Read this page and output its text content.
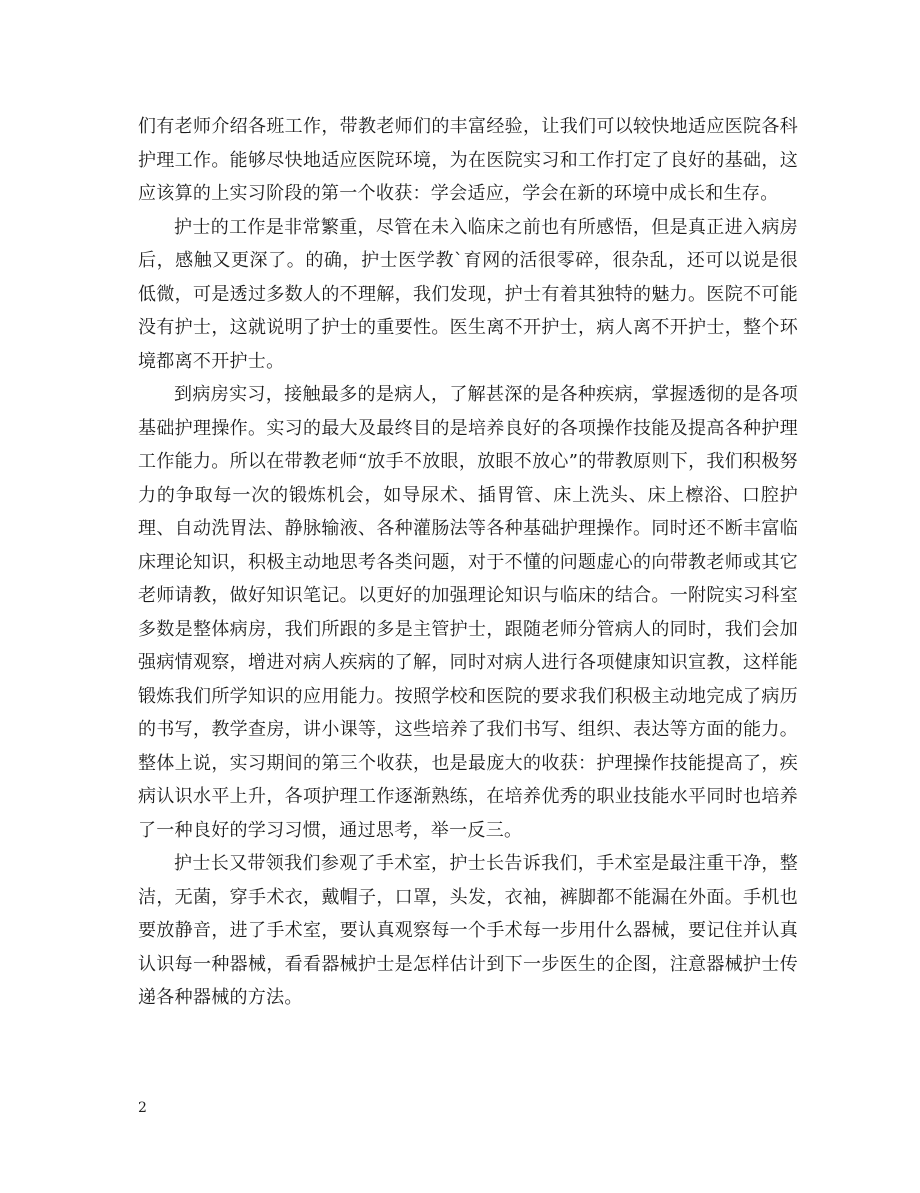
们有老师介绍各班工作，带教老师们的丰富经验，让我们可以较快地适应医院各科护理工作。能够尽快地适应医院环境，为在医院实习和工作打定了良好的基础，这应该算的上实习阶段的第一个收获：学会适应，学会在新的环境中成长和生存。

护士的工作是非常繁重，尽管在未入临床之前也有所感悟，但是真正进入病房后，感触又更深了。的确，护士医学教`育网的活很零碎，很杂乱，还可以说是很低微，可是透过多数人的不理解，我们发现，护士有着其独特的魅力。医院不可能没有护士，这就说明了护士的重要性。医生离不开护士，病人离不开护士，整个环境都离不开护士。

到病房实习，接触最多的是病人，了解甚深的是各种疾病，掌握透彻的是各项基础护理操作。实习的最大及最终目的是培养良好的各项操作技能及提高各种护理工作能力。所以在带教老师“放手不放眼，放眼不放心”的带教原则下，我们积极努力的争取每一次的锻炼机会，如导尿术、插胃管、床上洗头、床上檫浴、口腔护理、自动洗胃法、静脉输液、各种灌肠法等各种基础护理操作。同时还不断丰富临床理论知识，积极主动地思考各类问题，对于不懂的问题虚心的向带教老师或其它老师请教，做好知识笔记。以更好的加强理论知识与临床的结合。一附院实习科室多数是整体病房，我们所跟的多是主管护士，跟随老师分管病人的同时，我们会加强病情观察，增进对病人疾病的了解，同时对病人进行各项健康知识宣教，这样能锻炼我们所学知识的应用能力。按照学校和医院的要求我们积极主动地完成了病历的书写，教学查房，讲小课等，这些培养了我们书写、组织、表达等方面的能力。整体上说，实习期间的第三个收获，也是最庞大的收获：护理操作技能提高了，疾病认识水平上升，各项护理工作逐渐熟练，在培养优秀的职业技能水平同时也培养了一种良好的学习习惯，通过思考，举一反三。

护士长又带领我们参观了手术室，护士长告诉我们，手术室是最注重干净，整洁，无菌，穿手术衣，戴帽子，口罩，头发，衣袖，裤脚都不能漏在外面。手机也要放静音，进了手术室，要认真观察每一个手术每一步用什么器械，要记住并认真认识每一种器械，看看器械护士是怎样估计到下一步医生的企图，注意器械护士传递各种器械的方法。

2
